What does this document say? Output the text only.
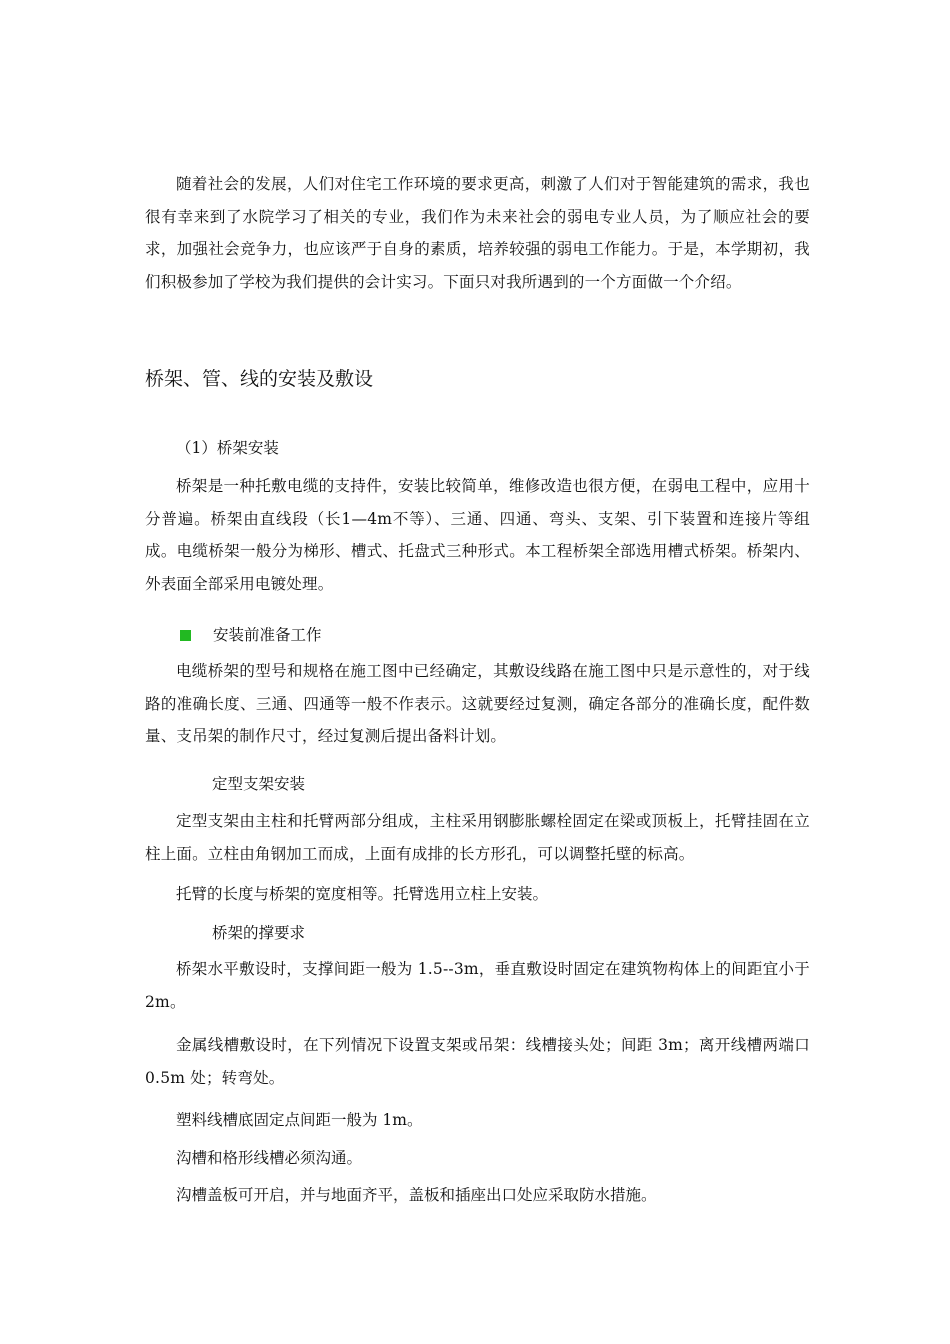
随着社会的发展，人们对住宅工作环境的要求更高，刺激了人们对于智能建筑的需求，我也很有幸来到了水院学习了相关的专业，我们作为未来社会的弱电专业人员，为了顺应社会的要求，加强社会竞争力，也应该严于自身的素质，培养较强的弱电工作能力。于是，本学期初，我们积极参加了学校为我们提供的会计实习。下面只对我所遇到的一个方面做一个介绍。

桥架、管、线的安装及敷设
（1）桥架安装

桥架是一种托敷电缆的支持件，安装比较简单，维修改造也很方便，在弱电工程中，应用十分普遍。桥架由直线段（长1—4m不等）、三通、四通、弯头、支架、引下装置和连接片等组成。电缆桥架一般分为梯形、槽式、托盘式三种形式。本工程桥架全部选用槽式桥架。桥架内、外表面全部采用电镀处理。

安装前准备工作

电缆桥架的型号和规格在施工图中已经确定，其敷设线路在施工图中只是示意性的，对于线路的准确长度、三通、四通等一般不作表示。这就要经过复测，确定各部分的准确长度，配件数量、支吊架的制作尺寸，经过复测后提出备料计划。

定型支架安装

定型支架由主柱和托臂两部分组成，主柱采用钢膨胀螺栓固定在梁或顶板上，托臂挂固在立柱上面。立柱由角钢加工而成，上面有成排的长方形孔，可以调整托壁的标高。

托臂的长度与桥架的宽度相等。托臂选用立柱上安装。
桥架的撑要求

桥架水平敷设时，支撑间距一般为 1.5--3m，垂直敷设时固定在建筑物构体上的间距宜小于 2m。

金属线槽敷设时，在下列情况下设置支架或吊架：线槽接头处；间距 3m；离开线槽两端口 0.5m 处；转弯处。

塑料线槽底固定点间距一般为 1m。
沟槽和格形线槽必须沟通。
沟槽盖板可开启，并与地面齐平，盖板和插座出口处应采取防水措施。
